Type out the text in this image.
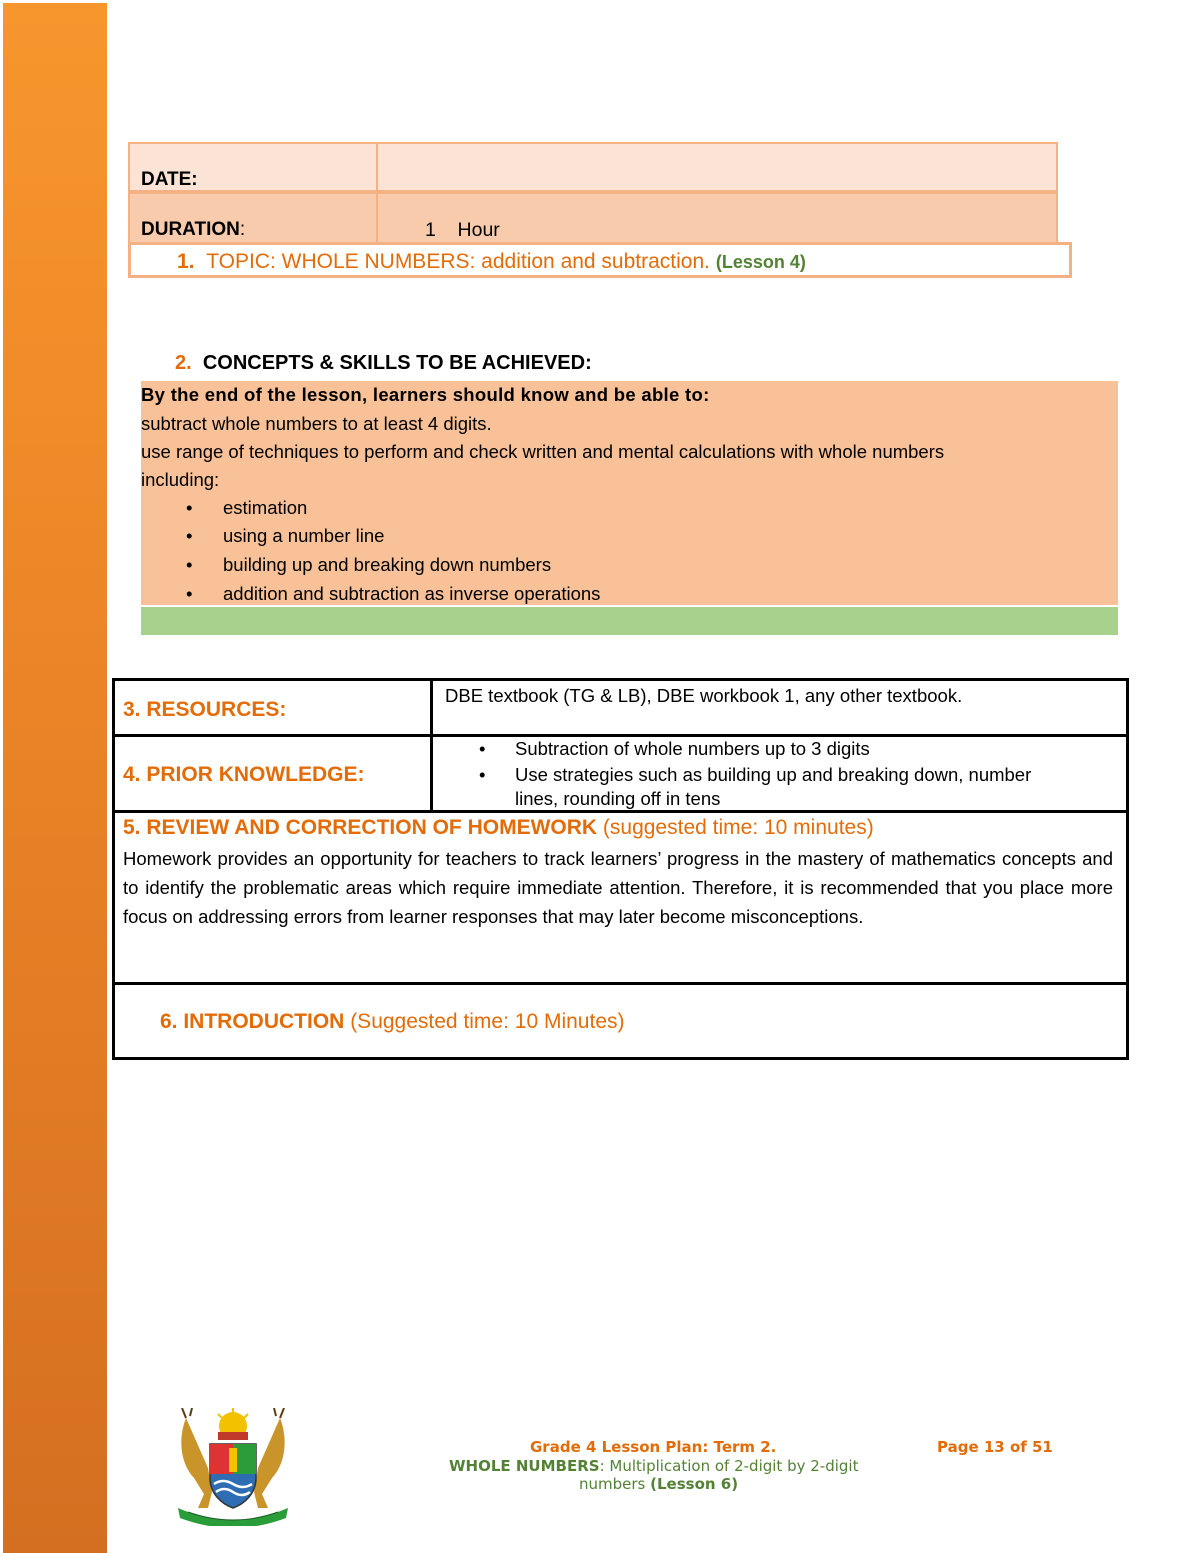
DATE:
DURATION:	1    Hour
1. TOPIC: WHOLE NUMBERS: addition and subtraction. (Lesson 4)
2. CONCEPTS & SKILLS TO BE ACHIEVED:
By the end of the lesson, learners should know and be able to:
subtract whole numbers to at least 4 digits.
use range of techniques to perform and check written and mental calculations with whole numbers
including:
• estimation
• using a number line
• building up and breaking down numbers
• addition and subtraction as inverse operations
3. RESOURCES:
DBE textbook (TG & LB), DBE workbook 1, any other textbook.
4. PRIOR KNOWLEDGE:
• Subtraction of whole numbers up to 3 digits
• Use strategies such as building up and breaking down, number
lines, rounding off in tens
5. REVIEW AND CORRECTION OF HOMEWORK (suggested time: 10 minutes)
Homework provides an opportunity for teachers to track learners’ progress in the mastery of mathematics concepts and to identify the problematic areas which require immediate attention. Therefore, it is recommended that you place more focus on addressing errors from learner responses that may later become misconceptions.
6. INTRODUCTION (Suggested time: 10 Minutes)
Grade 4 Lesson Plan: Term 2.	Page 13 of 51
WHOLE NUMBERS: Multiplication of 2-digit by 2-digit
numbers (Lesson 6)
